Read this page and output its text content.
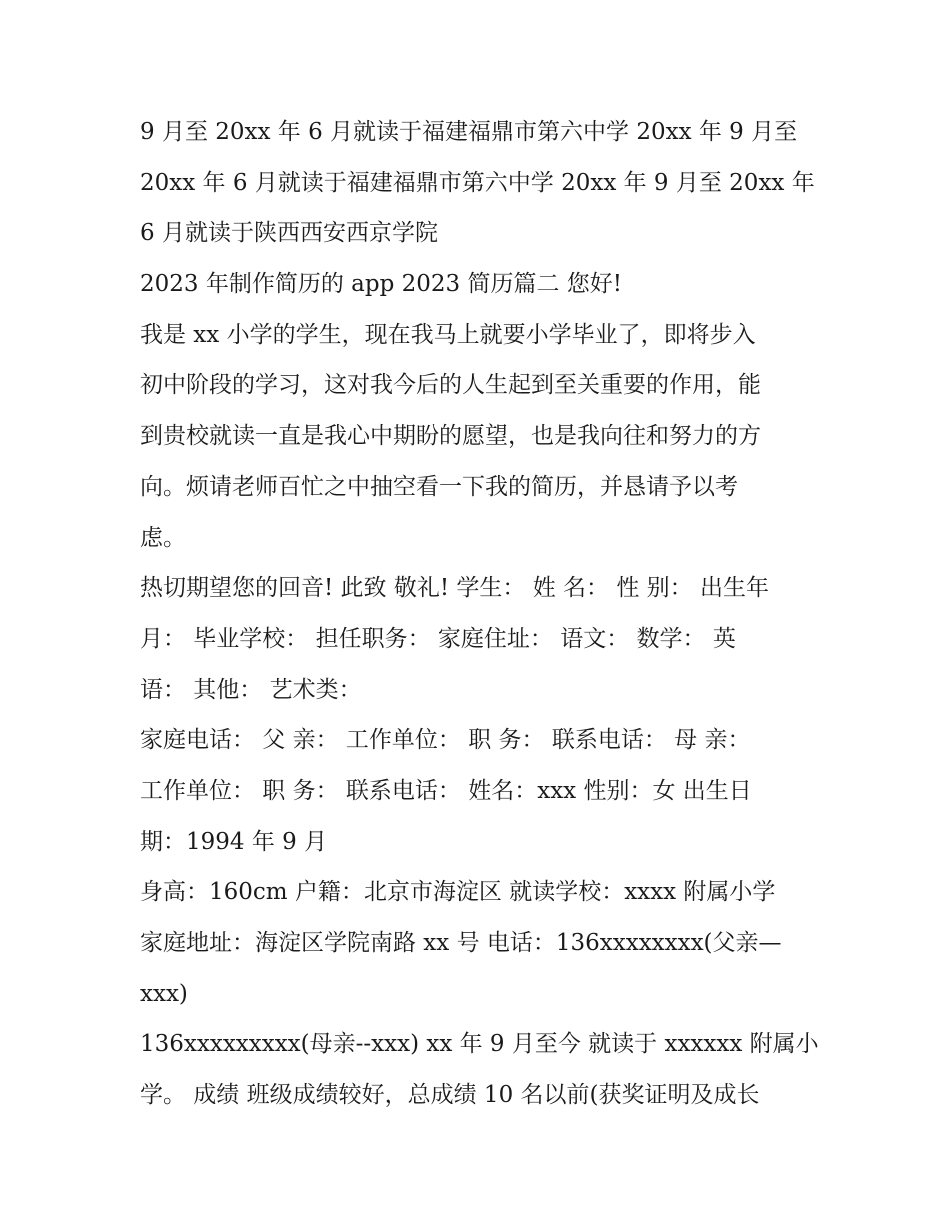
9 月至 20xx 年 6 月就读于福建福鼎市第六中学 20xx 年 9 月至
20xx 年 6 月就读于福建福鼎市第六中学 20xx 年 9 月至 20xx 年
6 月就读于陕西西安西京学院

2023 年制作简历的 app 2023 简历篇二 您好!

我是 xx 小学的学生，现在我马上就要小学毕业了，即将步入
初中阶段的学习，这对我今后的人生起到至关重要的作用，能
到贵校就读一直是我心中期盼的愿望，也是我向往和努力的方
向。烦请老师百忙之中抽空看一下我的简历，并恳请予以考
虑。

热切期望您的回音! 此致 敬礼! 学生： 姓 名： 性 别： 出生年
月： 毕业学校： 担任职务： 家庭住址： 语文： 数学： 英
语： 其他： 艺术类：

家庭电话： 父 亲： 工作单位： 职 务： 联系电话： 母 亲：
工作单位： 职 务： 联系电话： 姓名：xxx 性别：女 出生日
期：1994 年 9 月

身高：160cm 户籍：北京市海淀区 就读学校：xxxx 附属小学
家庭地址：海淀区学院南路 xx 号 电话：136xxxxxxxx(父亲—
xxx)

136xxxxxxxxx(母亲--xxx) xx 年 9 月至今 就读于 xxxxxx 附属小
学。 成绩 班级成绩较好，总成绩 10 名以前(获奖证明及成长
